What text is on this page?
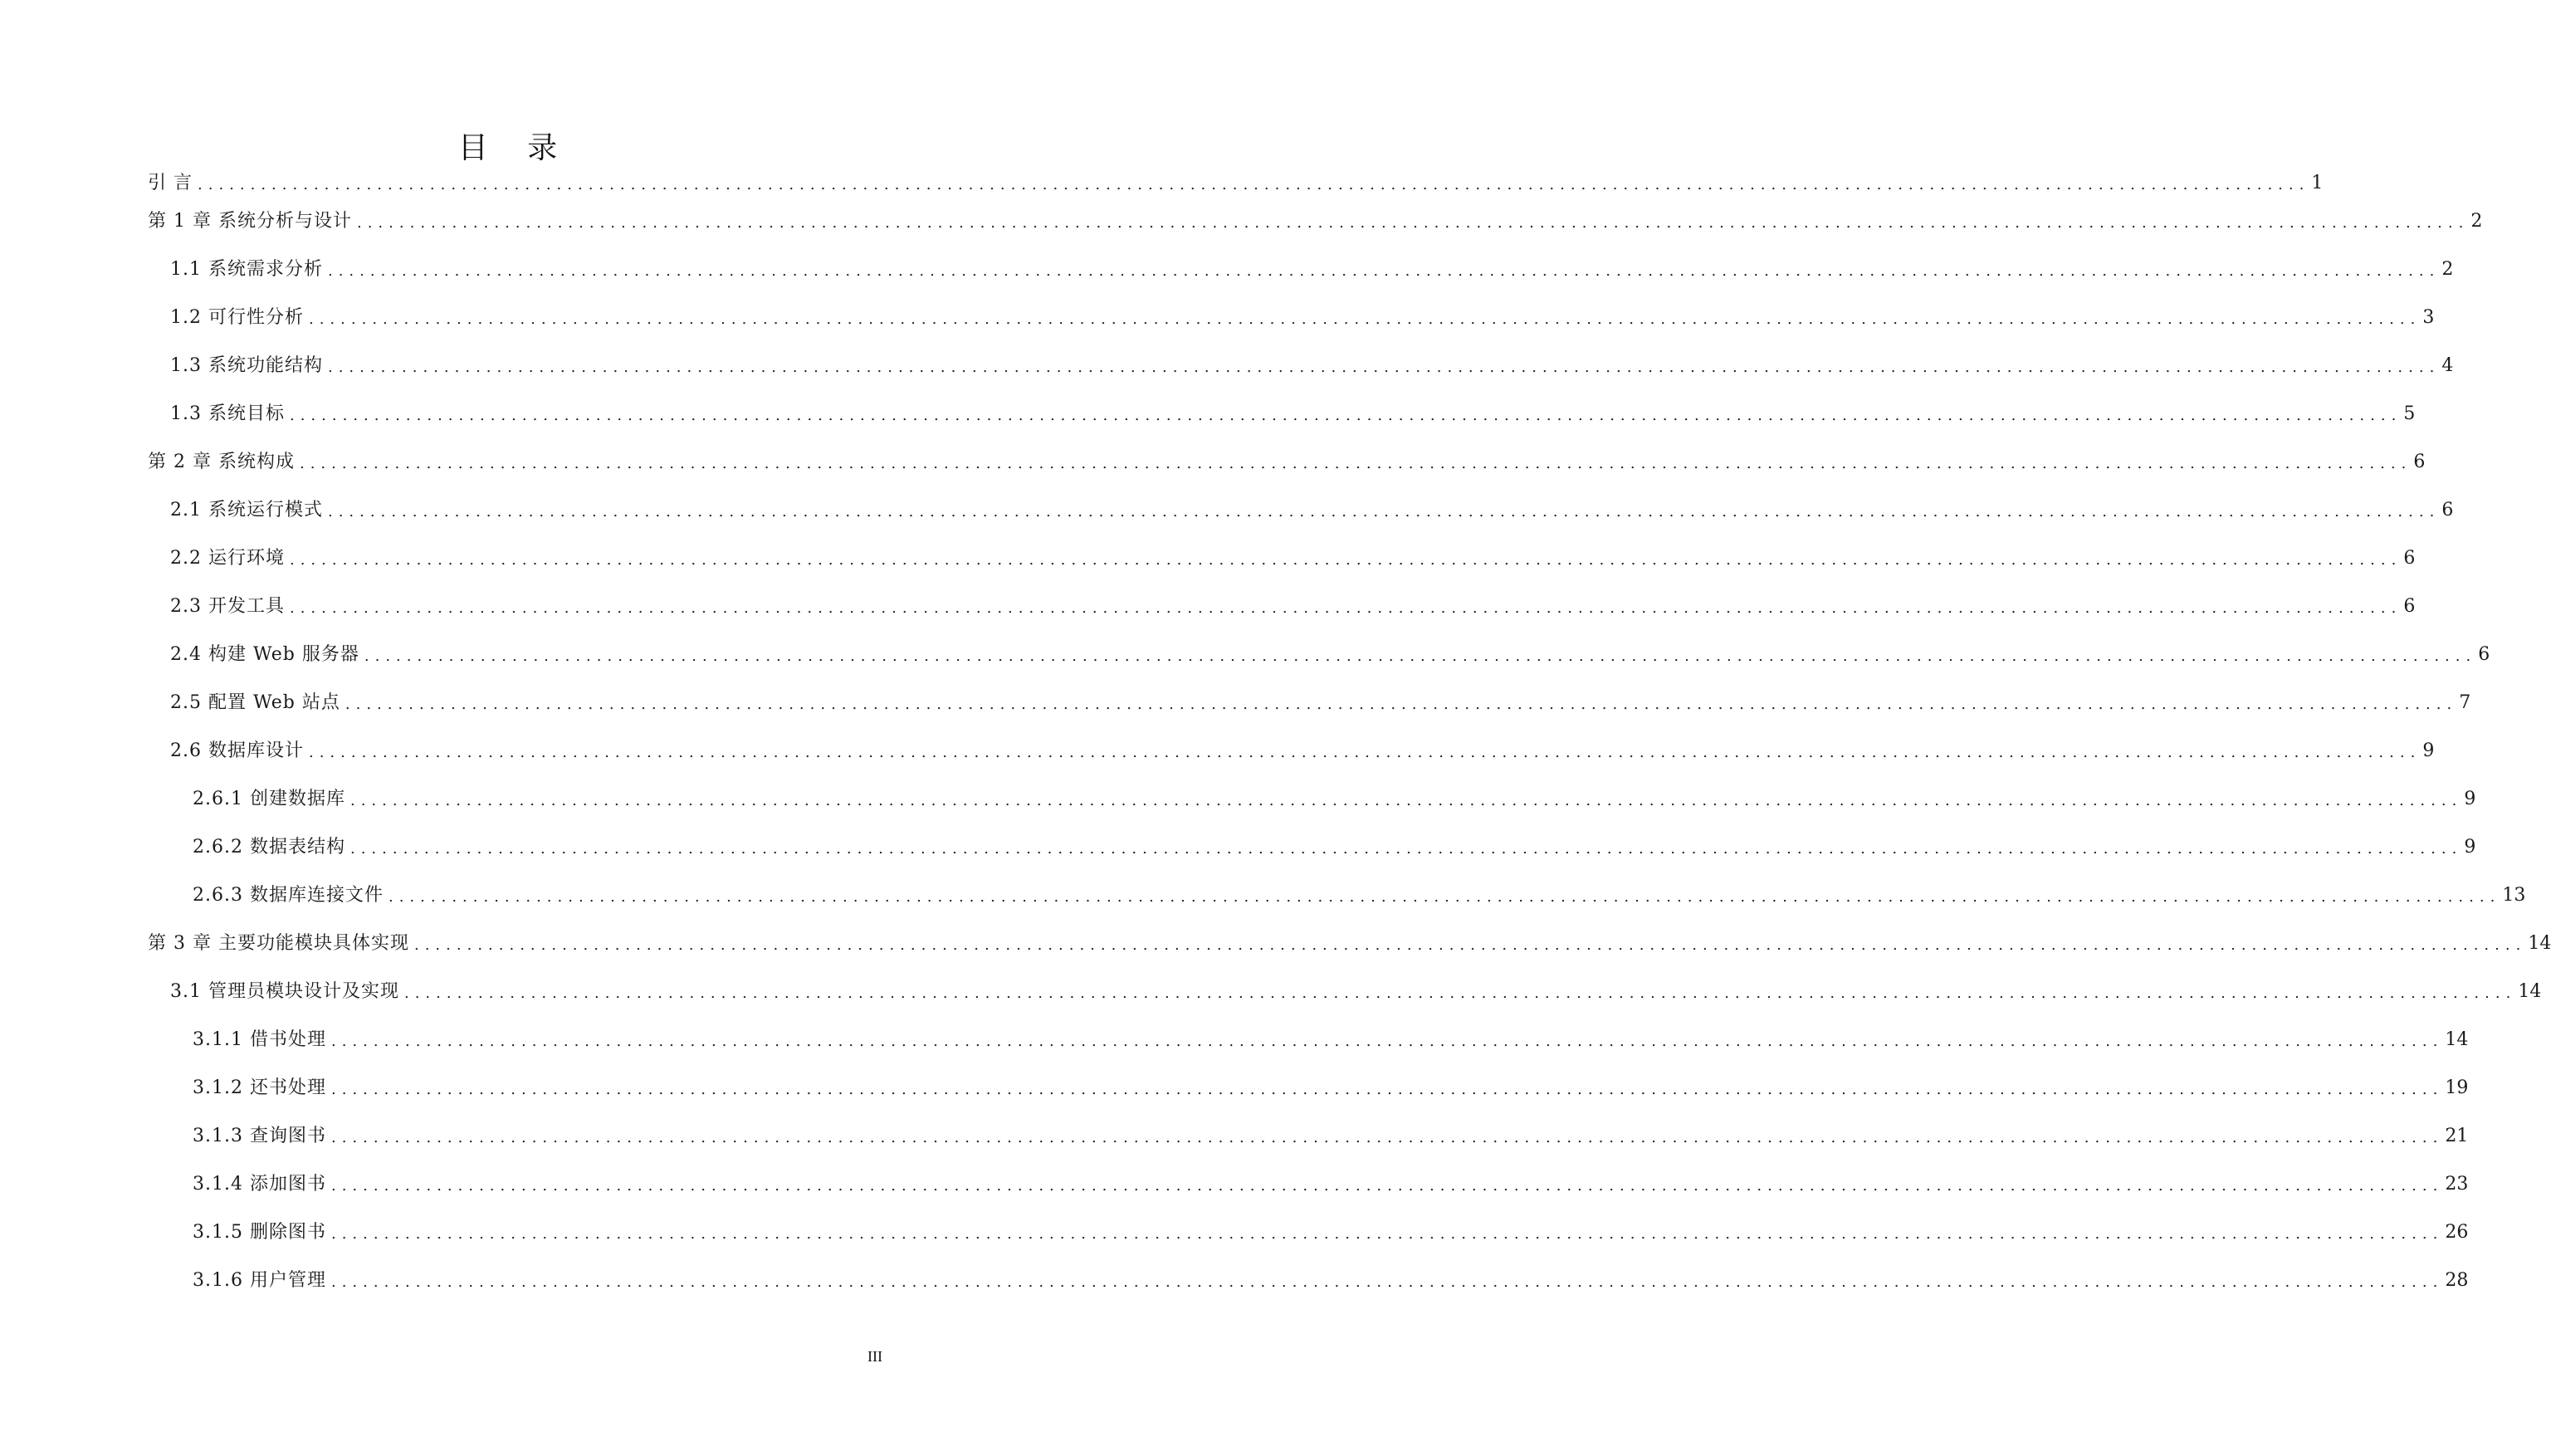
目 录
引 言 ........................................................................................................................................................................................................ 1
第 1 章 系统分析与设计 ........................................................................................................................................................................................................ 2
1.1 系统需求分析 ........................................................................................................................................................................................................ 2
1.2 可行性分析 ........................................................................................................................................................................................................ 3
1.3 系统功能结构 ........................................................................................................................................................................................................ 4
1.3 系统目标 ........................................................................................................................................................................................................ 5
第 2 章 系统构成 ........................................................................................................................................................................................................ 6
2.1 系统运行模式 ........................................................................................................................................................................................................ 6
2.2 运行环境 ........................................................................................................................................................................................................ 6
2.3 开发工具 ........................................................................................................................................................................................................ 6
2.4 构建 Web 服务器 ........................................................................................................................................................................................................ 6
2.5 配置 Web 站点 ........................................................................................................................................................................................................ 7
2.6 数据库设计 ........................................................................................................................................................................................................ 9
2.6.1 创建数据库 ........................................................................................................................................................................................................ 9
2.6.2 数据表结构 ........................................................................................................................................................................................................ 9
2.6.3 数据库连接文件 ........................................................................................................................................................................................................ 13
第 3 章 主要功能模块具体实现 ........................................................................................................................................................................................................ 14
3.1 管理员模块设计及实现 ........................................................................................................................................................................................................ 14
3.1.1 借书处理 ........................................................................................................................................................................................................ 14
3.1.2 还书处理 ........................................................................................................................................................................................................ 19
3.1.3 查询图书 ........................................................................................................................................................................................................ 21
3.1.4 添加图书 ........................................................................................................................................................................................................ 23
3.1.5 删除图书 ........................................................................................................................................................................................................ 26
3.1.6 用户管理 ........................................................................................................................................................................................................ 28
III
